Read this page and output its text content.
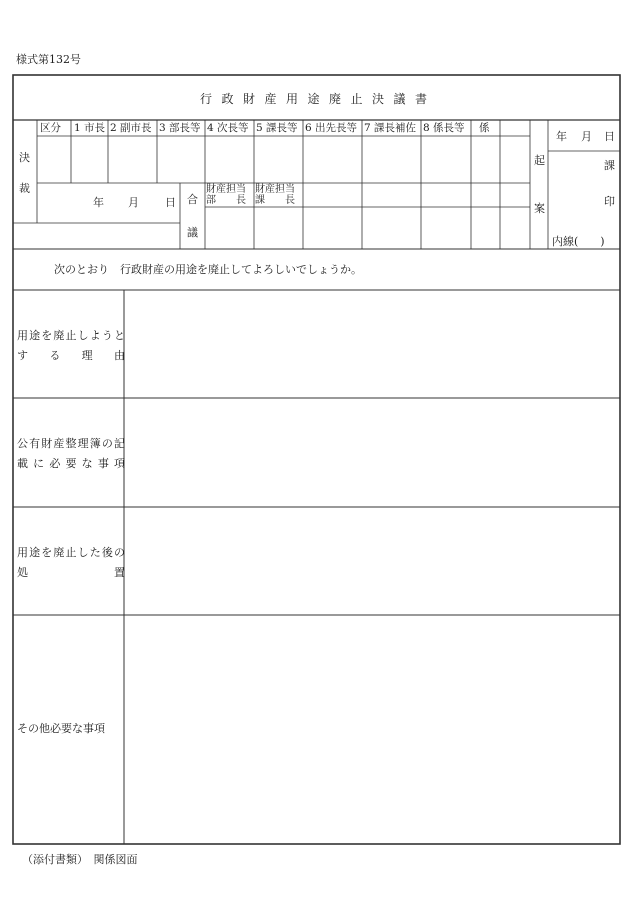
様式第132号
行政財産用途廃止決議書
決
裁
区分 1 市長 2 副市長 3 部長等 4 次長等 5 課長等 6 出先長等 7 課長補佐 8 係長等 係
年 月 日 合
議
財産担当
部　　長
財産担当
課　　長
起
案
年 月 日
課
印
内線(　　)
次のとおり　行政財産の用途を廃止してよろしいでしょうか。
用途を廃止しようとする理由
公有財産整理簿の記載に必要な事項
用途を廃止した後の処置
その他必要な事項
（添付書類）　関係図面
